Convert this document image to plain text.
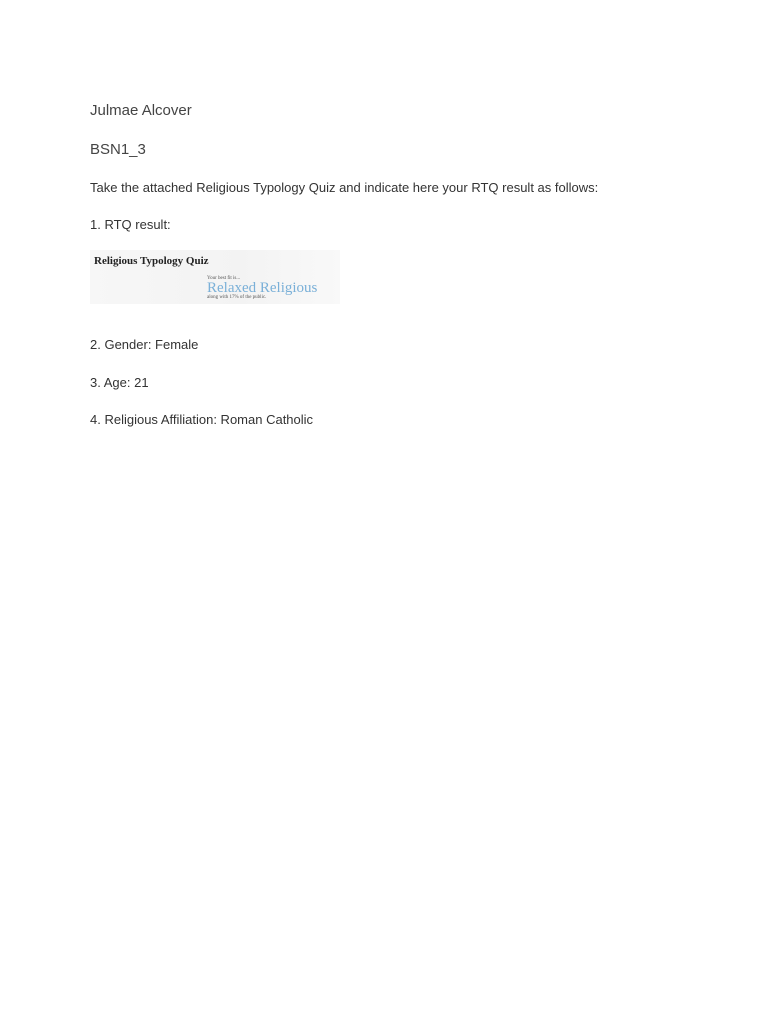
Julmae Alcover

BSN1_3

Take the attached Religious Typology Quiz and indicate here your RTQ result as follows:

1. RTQ result:

Religious Typology Quiz
Your best fit is...
Relaxed Religious
along with 17% of the public.

2. Gender: Female

3. Age: 21

4. Religious Affiliation: Roman Catholic
